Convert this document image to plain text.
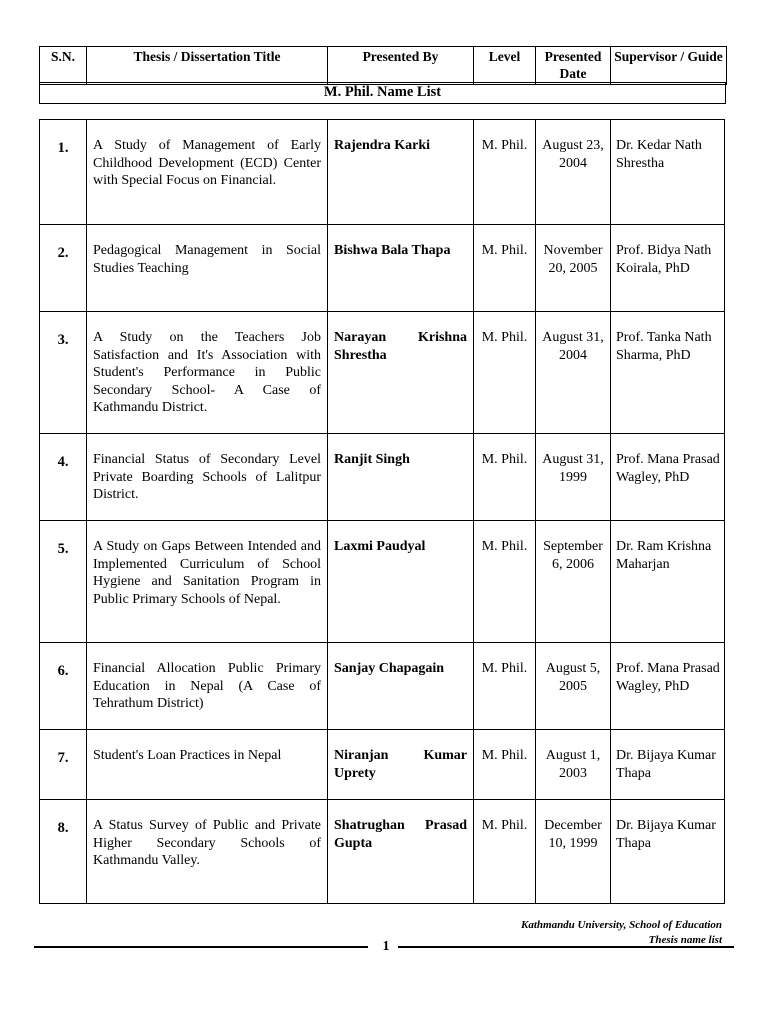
S.N.	Thesis / Dissertation Title	Presented By	Level	Presented Date	Supervisor / Guide
M. Phil. Name List
1.	A Study of Management of Early Childhood Development (ECD) Center with Special Focus on Financial.	Rajendra Karki	M. Phil.	August 23, 2004	Dr. Kedar Nath Shrestha
2.	Pedagogical Management in Social Studies Teaching	Bishwa Bala Thapa	M. Phil.	November 20, 2005	Prof. Bidya Nath Koirala, PhD
3.	A Study on the Teachers Job Satisfaction and It's Association with Student's Performance in Public Secondary School- A Case of Kathmandu District.	Narayan Krishna Shrestha	M. Phil.	August 31, 2004	Prof. Tanka Nath Sharma, PhD
4.	Financial Status of Secondary Level Private Boarding Schools of Lalitpur District.	Ranjit Singh	M. Phil.	August 31, 1999	Prof. Mana Prasad Wagley, PhD
5.	A Study on Gaps Between Intended and Implemented Curriculum of School Hygiene and Sanitation Program in Public Primary Schools of Nepal.	Laxmi Paudyal	M. Phil.	September 6, 2006	Dr. Ram Krishna Maharjan
6.	Financial Allocation Public Primary Education in Nepal (A Case of Tehrathum District)	Sanjay Chapagain	M. Phil.	August 5, 2005	Prof. Mana Prasad Wagley, PhD
7.	Student's Loan Practices in Nepal	Niranjan Kumar Uprety	M. Phil.	August 1, 2003	Dr. Bijaya Kumar Thapa
8.	A Status Survey of Public and Private Higher Secondary Schools of Kathmandu Valley.	Shatrughan Prasad Gupta	M. Phil.	December 10, 1999	Dr. Bijaya Kumar Thapa
Kathmandu University, School of Education
Thesis name list
1
